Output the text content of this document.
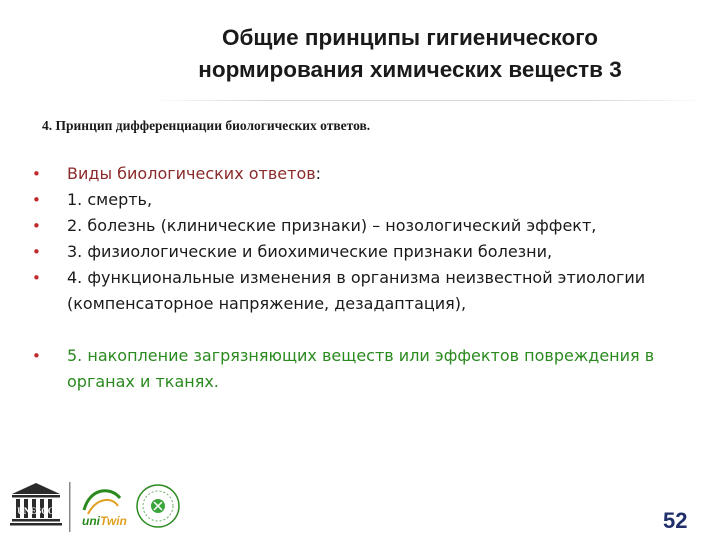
Общие принципы гигиенического
нормирования химических веществ 3
4. Принцип дифференциации биологических ответов.
•	Виды биологических ответов:
•	1. смерть,
•	2. болезнь (клинические признаки) – нозологический эффект,
•	3. физиологические и биохимические признаки болезни,
•	4. функциональные изменения в организма неизвестной этиологии (компенсаторное напряжение, дезадаптация),
•	5. накопление загрязняющих веществ или эффектов повреждения в органах и тканях.
UNESCO
uni Twin	52
